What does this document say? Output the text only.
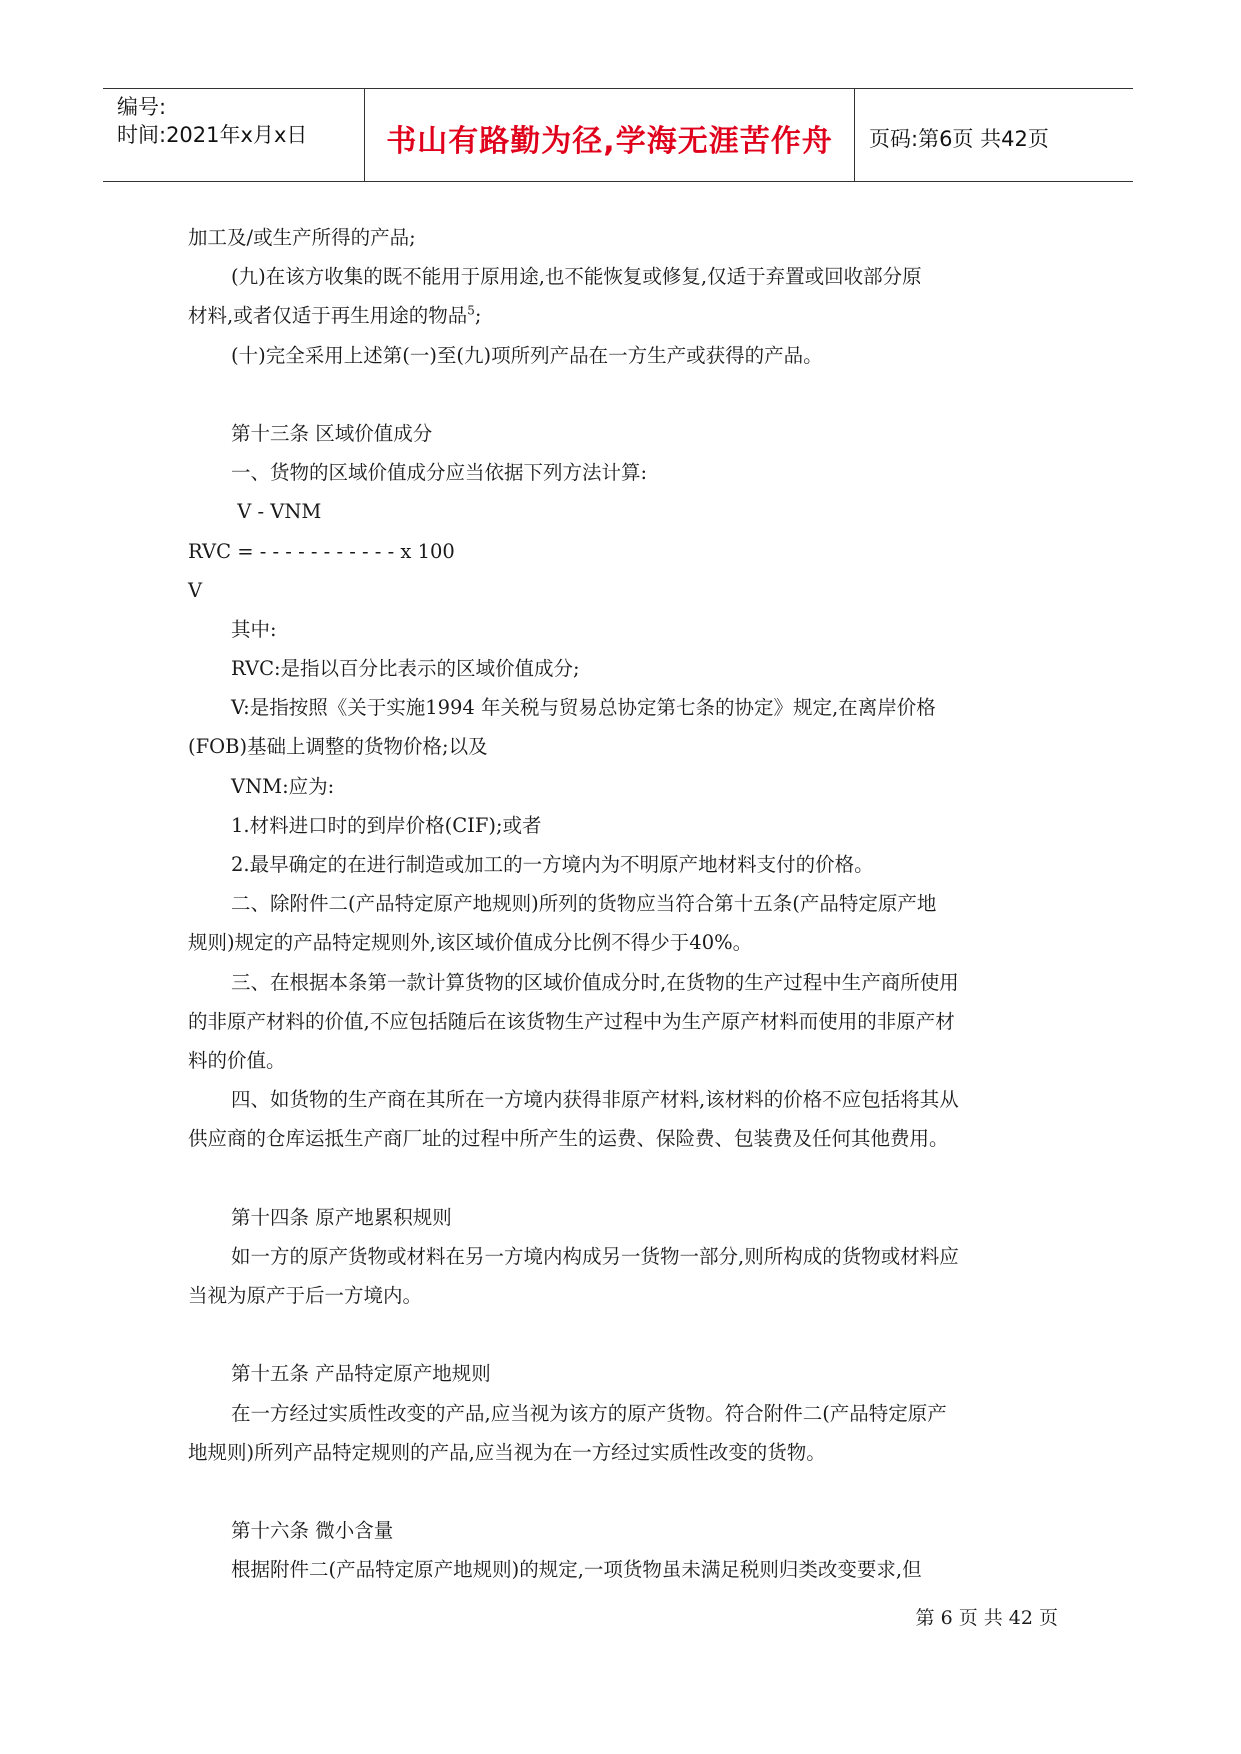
编号:
时间:2021年x月x日	书山有路勤为径,学海无涯苦作舟	页码:第6页 共42页
加工及/或生产所得的产品;
(九)在该方收集的既不能用于原用途,也不能恢复或修复,仅适于弃置或回收部分原
材料,或者仅适于再生用途的物品$^5$;
(十)完全采用上述第(一)至(九)项所列产品在一方生产或获得的产品。
第十三条 区域价值成分
一、货物的区域价值成分应当依据下列方法计算:
V - VNM
RVC = - - - - - - - - - - - x 100
V
其中:
RVC:是指以百分比表示的区域价值成分;
V:是指按照《关于实施1994 年关税与贸易总协定第七条的协定》规定,在离岸价格
(FOB)基础上调整的货物价格;以及
VNM:应为:
1.材料进口时的到岸价格(CIF);或者
2.最早确定的在进行制造或加工的一方境内为不明原产地材料支付的价格。
二、除附件二(产品特定原产地规则)所列的货物应当符合第十五条(产品特定原产地
规则)规定的产品特定规则外,该区域价值成分比例不得少于40%。
三、在根据本条第一款计算货物的区域价值成分时,在货物的生产过程中生产商所使用
的非原产材料的价值,不应包括随后在该货物生产过程中为生产原产材料而使用的非原产材
料的价值。
四、如货物的生产商在其所在一方境内获得非原产材料,该材料的价格不应包括将其从
供应商的仓库运抵生产商厂址的过程中所产生的运费、保险费、包装费及任何其他费用。
第十四条 原产地累积规则
如一方的原产货物或材料在另一方境内构成另一货物一部分,则所构成的货物或材料应
当视为原产于后一方境内。
第十五条 产品特定原产地规则
在一方经过实质性改变的产品,应当视为该方的原产货物。符合附件二(产品特定原产
地规则)所列产品特定规则的产品,应当视为在一方经过实质性改变的货物。
第十六条 微小含量
根据附件二(产品特定原产地规则)的规定,一项货物虽未满足税则归类改变要求,但
第 6 页 共 42 页
